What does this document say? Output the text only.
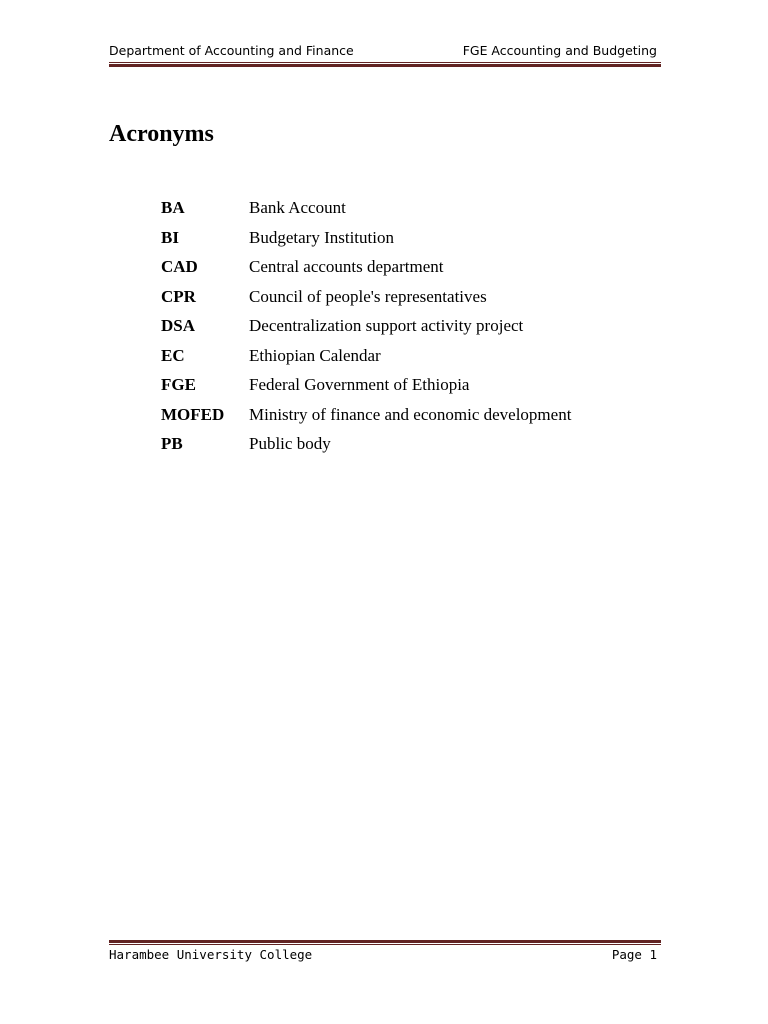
Department of Accounting and Finance	FGE Accounting and Budgeting
Acronyms
BA	Bank Account
BI	Budgetary Institution
CAD	Central accounts department
CPR	Council of people's representatives
DSA	Decentralization support activity project
EC	Ethiopian Calendar
FGE	Federal Government of Ethiopia
MOFED Ministry of finance and economic development
PB	Public body
Harambee University College	Page 1
